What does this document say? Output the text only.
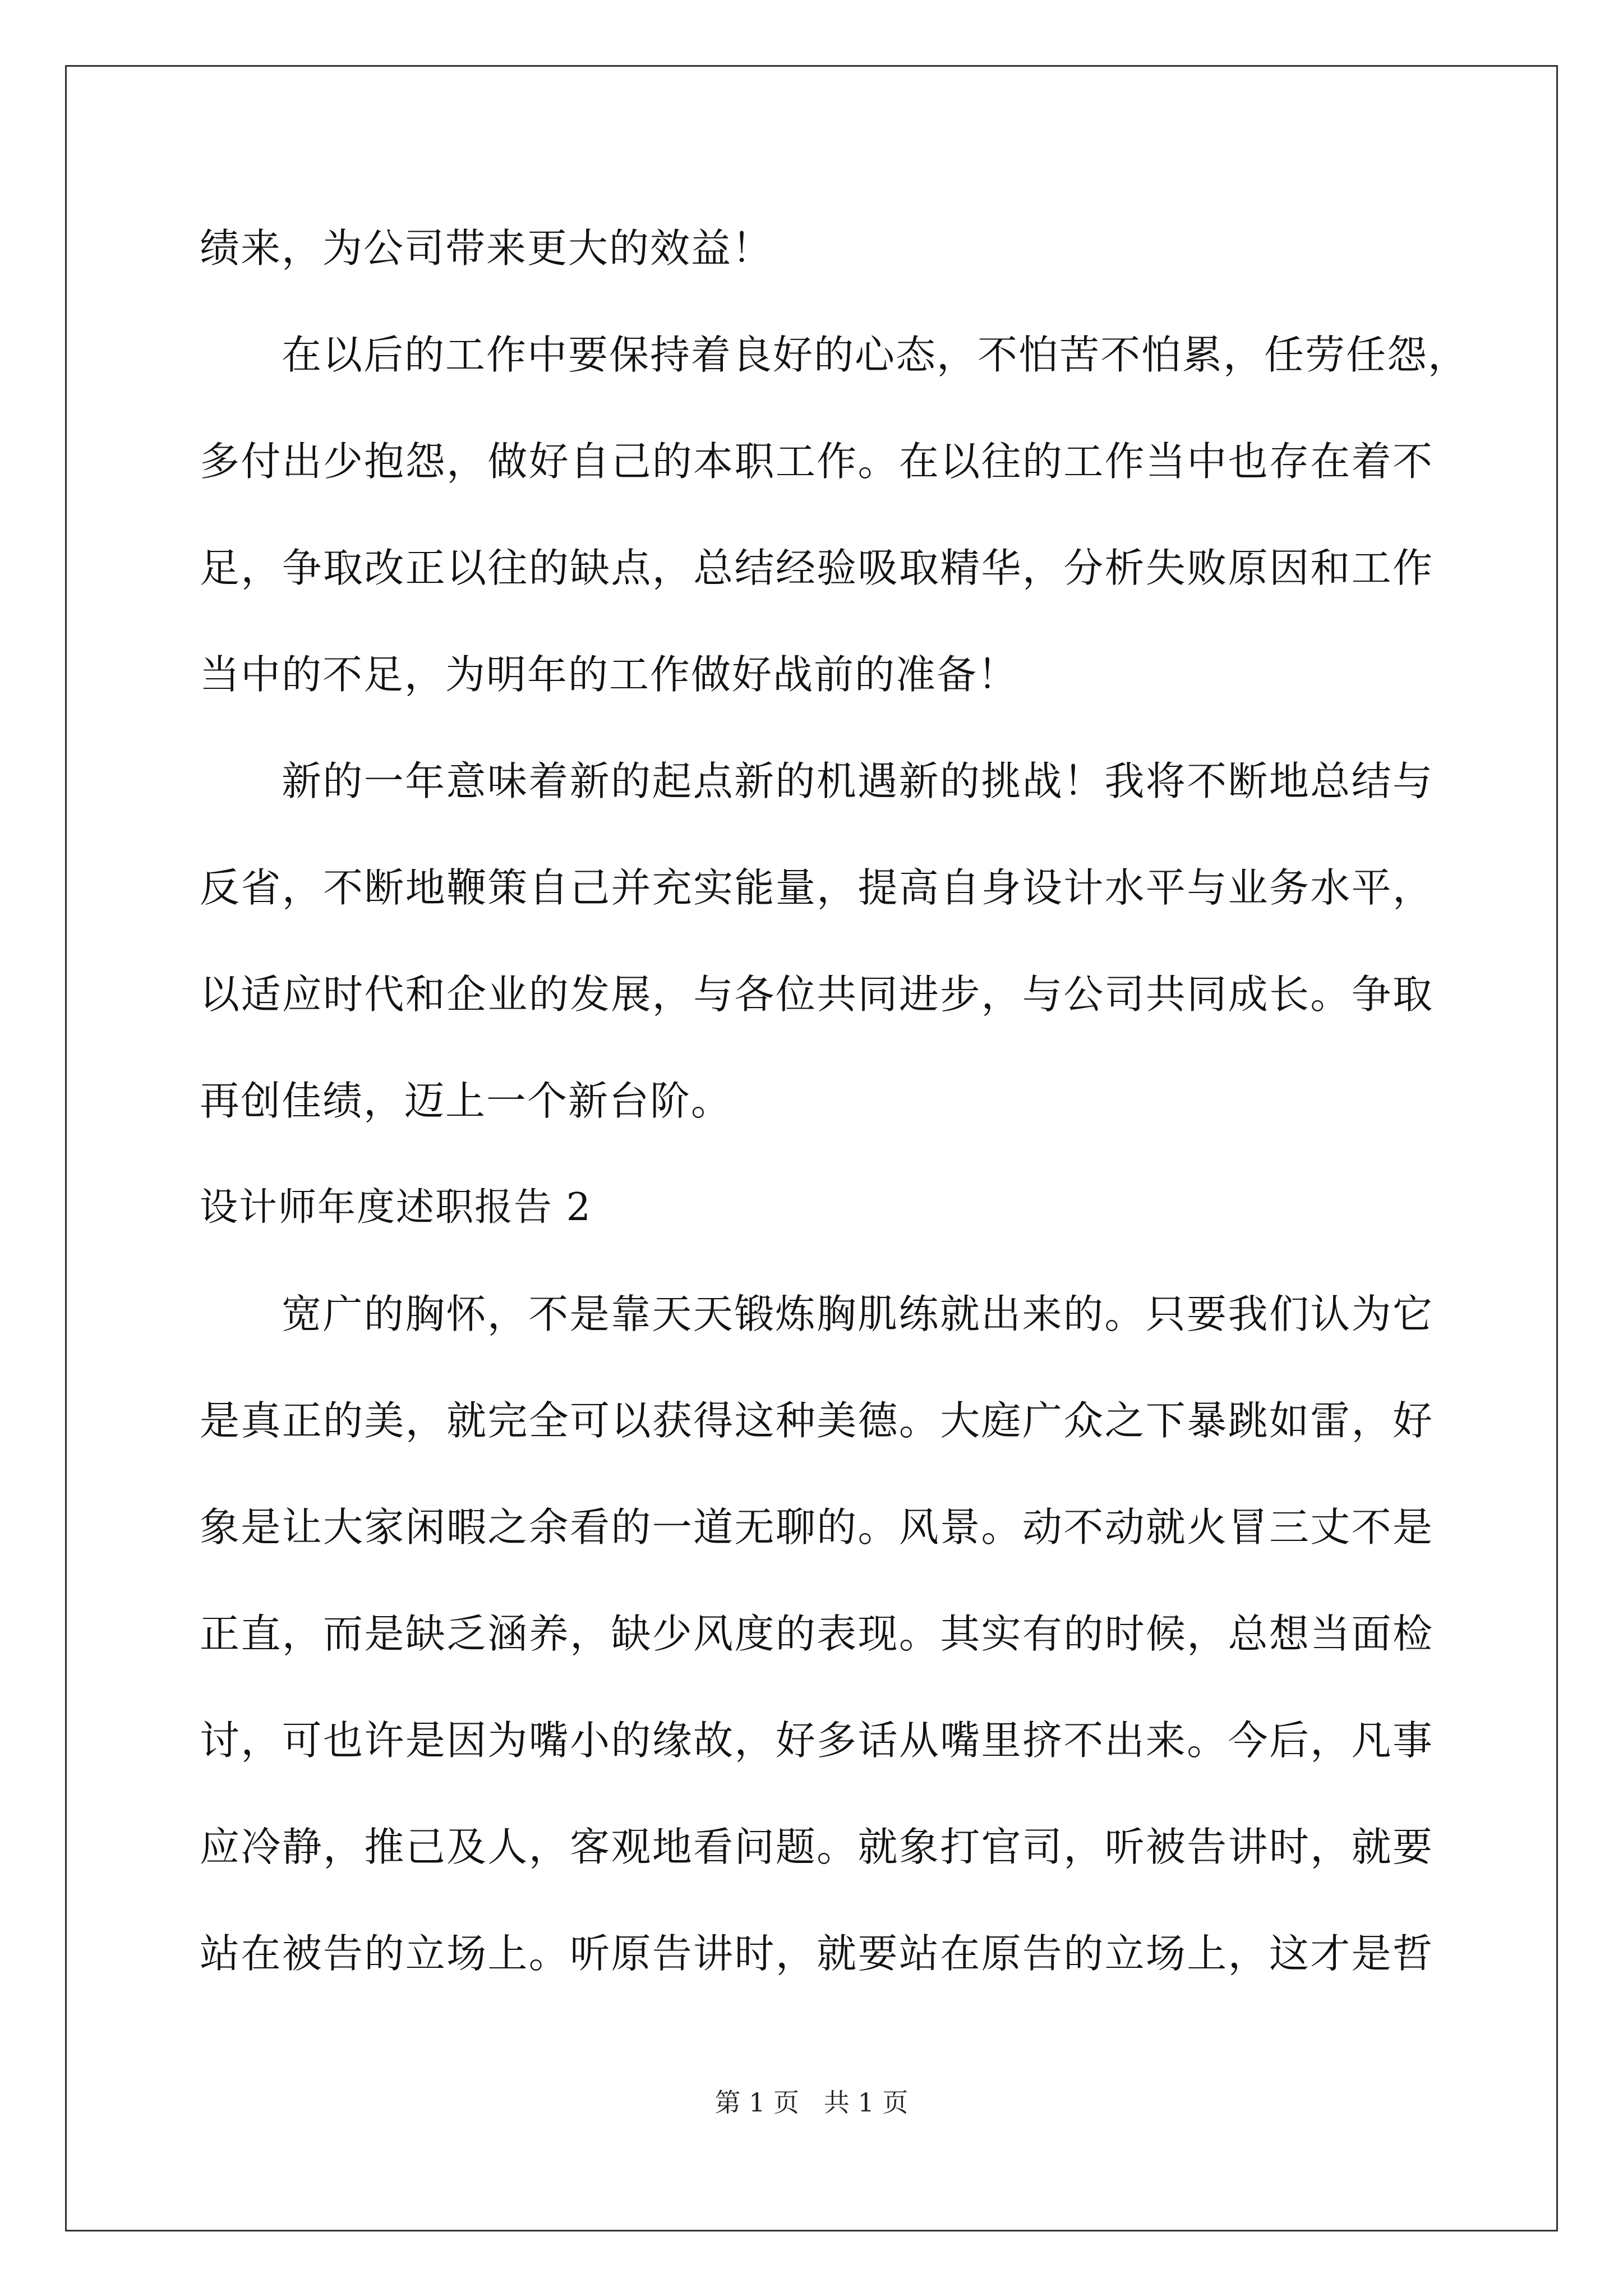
绩来，为公司带来更大的效益！
在以后的工作中要保持着良好的心态，不怕苦不怕累，任劳任怨，
多付出少抱怨，做好自己的本职工作。在以往的工作当中也存在着不
足，争取改正以往的缺点，总结经验吸取精华，分析失败原因和工作
当中的不足，为明年的工作做好战前的准备！
新的一年意味着新的起点新的机遇新的挑战！我将不断地总结与
反省，不断地鞭策自己并充实能量，提高自身设计水平与业务水平，
以适应时代和企业的发展，与各位共同进步，与公司共同成长。争取
再创佳绩，迈上一个新台阶。
设计师年度述职报告 2
宽广的胸怀，不是靠天天锻炼胸肌练就出来的。只要我们认为它
是真正的美，就完全可以获得这种美德。大庭广众之下暴跳如雷，好
象是让大家闲暇之余看的一道无聊的。风景。动不动就火冒三丈不是
正直，而是缺乏涵养，缺少风度的表现。其实有的时候，总想当面检
讨，可也许是因为嘴小的缘故，好多话从嘴里挤不出来。今后，凡事
应冷静，推己及人，客观地看问题。就象打官司，听被告讲时，就要
站在被告的立场上。听原告讲时，就要站在原告的立场上，这才是哲
第 1 页   共 1 页
